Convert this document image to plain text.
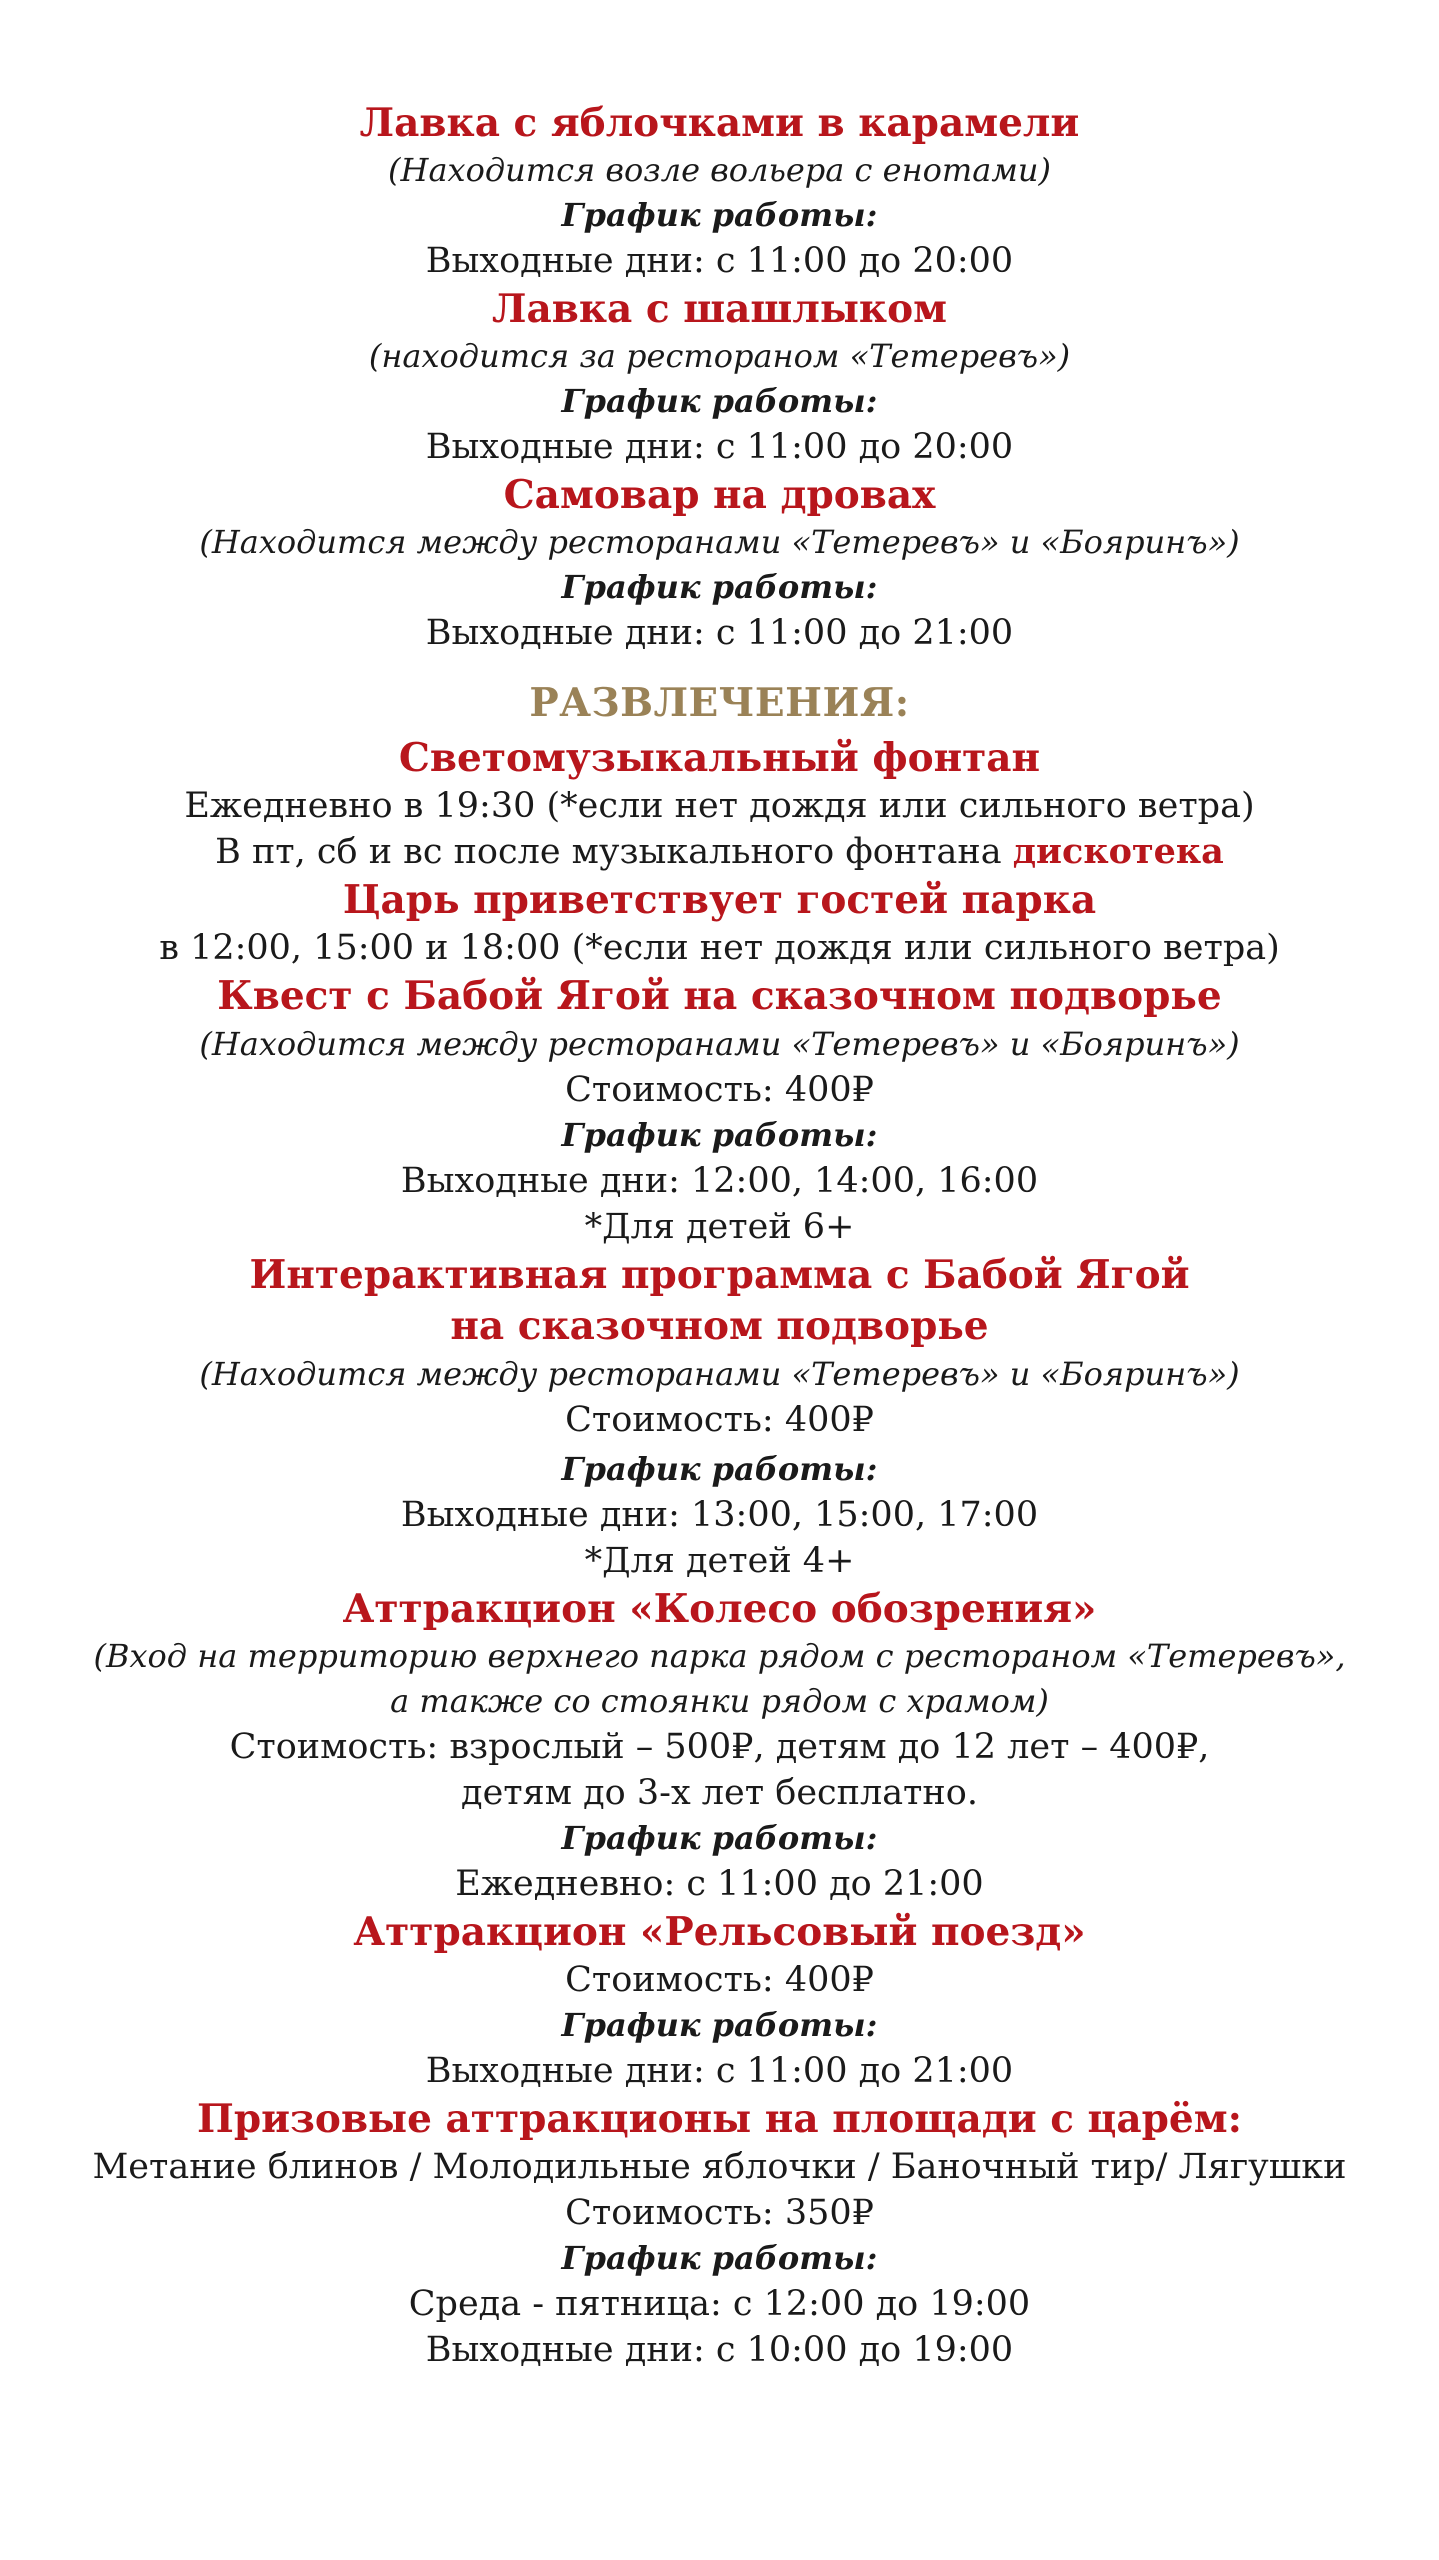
Лавка с яблочками в карамели

(Находится возле вольера с енотами)

График работы:

Выходные дни: с 11:00 до 20:00

Лавка с шашлыком

(находится за рестораном «Тетеревъ»)

График работы:

Выходные дни: с 11:00 до 20:00

Самовар на дровах

(Находится между ресторанами «Тетеревъ» и «Бояринъ»)

График работы:

Выходные дни: с 11:00 до 21:00

РАЗВЛЕЧЕНИЯ:

Светомузыкальный фонтан

Ежедневно в 19:30 (*если нет дождя или сильного ветра)

В пт, сб и вс после музыкального фонтана дискотека

Царь приветствует гостей парка

в 12:00, 15:00 и 18:00 (*если нет дождя или сильного ветра)

Квест с Бабой Ягой на сказочном подворье

(Находится между ресторанами «Тетеревъ» и «Бояринъ»)

Стоимость: 400₽

График работы:

Выходные дни: 12:00, 14:00, 16:00

*Для детей 6+

Интерактивная программа с Бабой Ягой

на сказочном подворье

(Находится между ресторанами «Тетеревъ» и «Бояринъ»)

Стоимость: 400₽

График работы:

Выходные дни: 13:00, 15:00, 17:00

*Для детей 4+

Аттракцион «Колесо обозрения»

(Вход на территорию верхнего парка рядом с рестораном «Тетеревъ»,

а также со стоянки рядом с храмом)

Стоимость: взрослый – 500₽, детям до 12 лет – 400₽,

детям до 3-х лет бесплатно.

График работы:

Ежедневно: с 11:00 до 21:00

Аттракцион «Рельсовый поезд»

Стоимость: 400₽

График работы:

Выходные дни: с 11:00 до 21:00

Призовые аттракционы на площади с царём:

Метание блинов / Молодильные яблочки / Баночный тир/ Лягушки

Стоимость: 350₽

График работы:

Среда - пятница: с 12:00 до 19:00

Выходные дни: с 10:00 до 19:00
